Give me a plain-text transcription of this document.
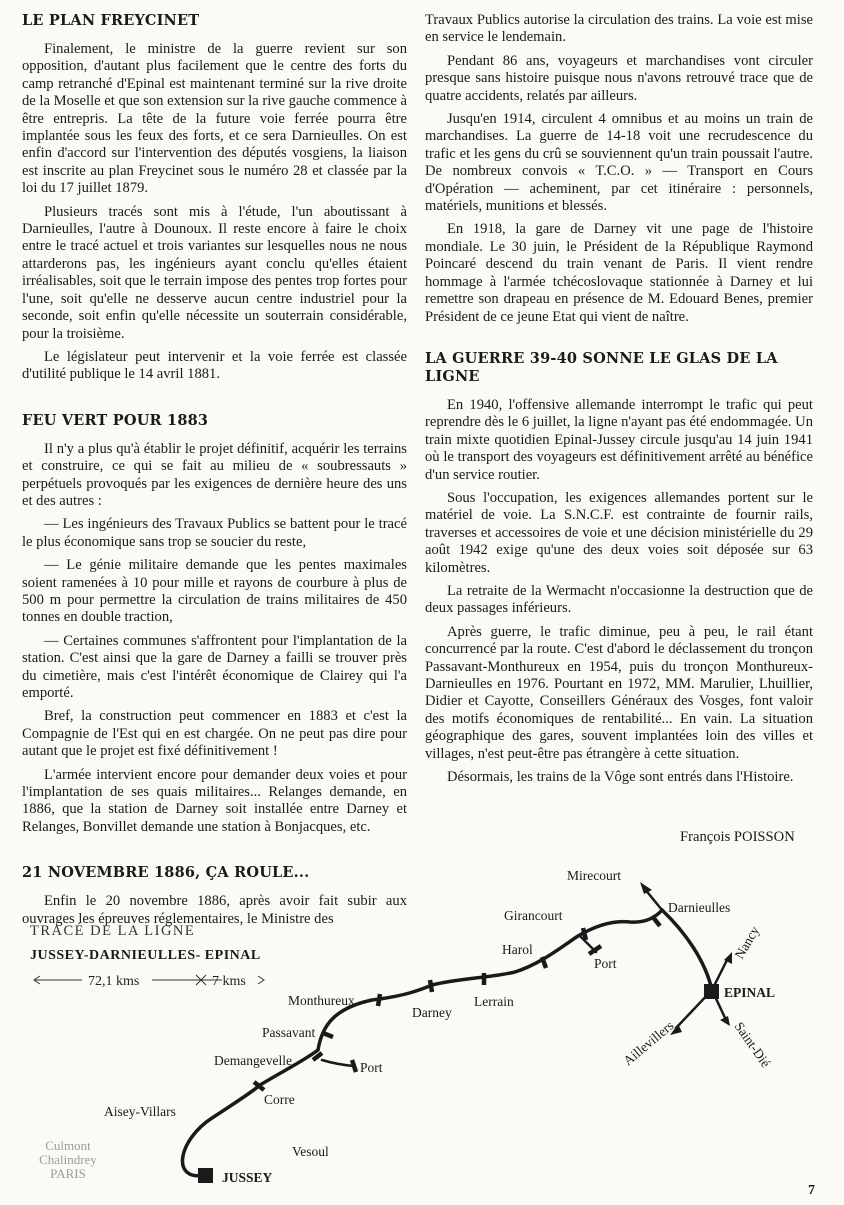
LE PLAN FREYCINET

Finalement, le ministre de la guerre revient sur son opposition, d'autant plus facilement que le centre des forts du camp retranché d'Epinal est maintenant terminé sur la rive droite de la Moselle et que son extension sur la rive gauche commence à être entrepris. La tête de la future voie ferrée pourra être implantée sous les feux des forts, et ce sera Darnieulles. On est enfin d'accord sur l'intervention des députés vosgiens, la liaison est inscrite au plan Freycinet sous le numéro 28 et classée par la loi du 17 juillet 1879.

Plusieurs tracés sont mis à l'étude, l'un aboutissant à Darnieulles, l'autre à Dounoux. Il reste encore à faire le choix entre le tracé actuel et trois variantes sur lesquelles nous ne nous attarderons pas, les ingénieurs ayant conclu qu'elles étaient irréalisables, soit que le terrain impose des pentes trop fortes pour l'une, soit qu'elle ne desserve aucun centre industriel pour la seconde, soit enfin qu'elle nécessite un souterrain considérable, pour la troisième.

Le législateur peut intervenir et la voie ferrée est classée d'utilité publique le 14 avril 1881.

FEU VERT POUR 1883

Il n'y a plus qu'à établir le projet définitif, acquérir les terrains et construire, ce qui se fait au milieu de « soubressauts » perpétuels provoqués par les exigences de dernière heure des uns et des autres :

— Les ingénieurs des Travaux Publics se battent pour le tracé le plus économique sans trop se soucier du reste,

— Le génie militaire demande que les pentes maximales soient ramenées à 10 pour mille et rayons de courbure à plus de 500 m pour permettre la circulation de trains militaires de 450 tonnes en double traction,

— Certaines communes s'affrontent pour l'implantation de la station. C'est ainsi que la gare de Darney a failli se trouver près du cimetière, mais c'est l'intérêt économique de Clairey qui l'a emporté.

Bref, la construction peut commencer en 1883 et c'est la Compagnie de l'Est qui en est chargée. On ne peut pas dire pour autant que le projet est fixé définitivement !

L'armée intervient encore pour demander deux voies et pour l'implantation de ses quais militaires... Relanges demande, en 1886, que la station de Darney soit installée entre Darney et Relanges, Bonvillet demande une station à Bonjacques, etc.

21 NOVEMBRE 1886, ÇA ROULE...

Enfin le 20 novembre 1886, après avoir fait subir aux ouvrages les épreuves réglementaires, le Ministre des

Travaux Publics autorise la circulation des trains. La voie est mise en service le lendemain.

Pendant 86 ans, voyageurs et marchandises vont circuler presque sans histoire puisque nous n'avons retrouvé trace que de quatre accidents, relatés par ailleurs.

Jusqu'en 1914, circulent 4 omnibus et au moins un train de marchandises. La guerre de 14-18 voit une recrudescence du trafic et les gens du crû se souviennent qu'un train poussait l'autre. De nombreux convois « T.C.O. » — Transport en Cours d'Opération — acheminent, par cet itinéraire : personnels, matériels, munitions et blessés.

En 1918, la gare de Darney vit une page de l'histoire mondiale. Le 30 juin, le Président de la République Raymond Poincaré descend du train venant de Paris. Il vient rendre hommage à l'armée tchécoslovaque stationnée à Darney et lui remettre son drapeau en présence de M. Edouard Benes, premier Président de ce jeune Etat qui vient de naître.

LA GUERRE 39-40 SONNE LE GLAS DE LA LIGNE

En 1940, l'offensive allemande interrompt le trafic qui peut reprendre dès le 6 juillet, la ligne n'ayant pas été endommagée. Un train mixte quotidien Epinal-Jussey circule jusqu'au 14 juin 1941 où le transport des voyageurs est définitivement arrêté au bénéfice d'un service routier.

Sous l'occupation, les exigences allemandes portent sur le matériel de voie. La S.N.C.F. est contrainte de fournir rails, traverses et accessoires de voie et une décision ministérielle du 29 août 1942 exige qu'une des deux voies soit déposée sur 63 kilomètres.

La retraite de la Wermacht n'occasionne la destruction que de deux passages inférieurs.

Après guerre, le trafic diminue, peu à peu, le rail étant concurrencé par la route. C'est d'abord le déclassement du tronçon Passavant-Monthureux en 1954, puis du tronçon Monthureux-Darnieulles en 1976. Pourtant en 1972, MM. Marulier, Lhuillier, Didier et Cayotte, Conseillers Généraux des Vosges, font valoir des motifs économiques de rentabilité... En vain. La situation géographique des gares, souvent implantées loin des villes et villages, n'est peut-être pas étrangère à cette situation.

Désormais, les trains de la Vôge sont entrés dans l'Histoire.

François POISSON
TRACÉ DE LA LIGNE
JUSSEY-DARNIEULLES- EPINAL
72,1 kms	7 kms
JUSSEY
Aisey-Villars
Corre
Demangevelle	Port
Passavant
Monthureux
Darney
Lerrain
Harol
Girancourt
Port
Darnieulles
Mirecourt
EPINAL
Nancy
Saint-Dié
Aillevillers
Vesoul
Culmont
Chalindrey
PARIS
7
